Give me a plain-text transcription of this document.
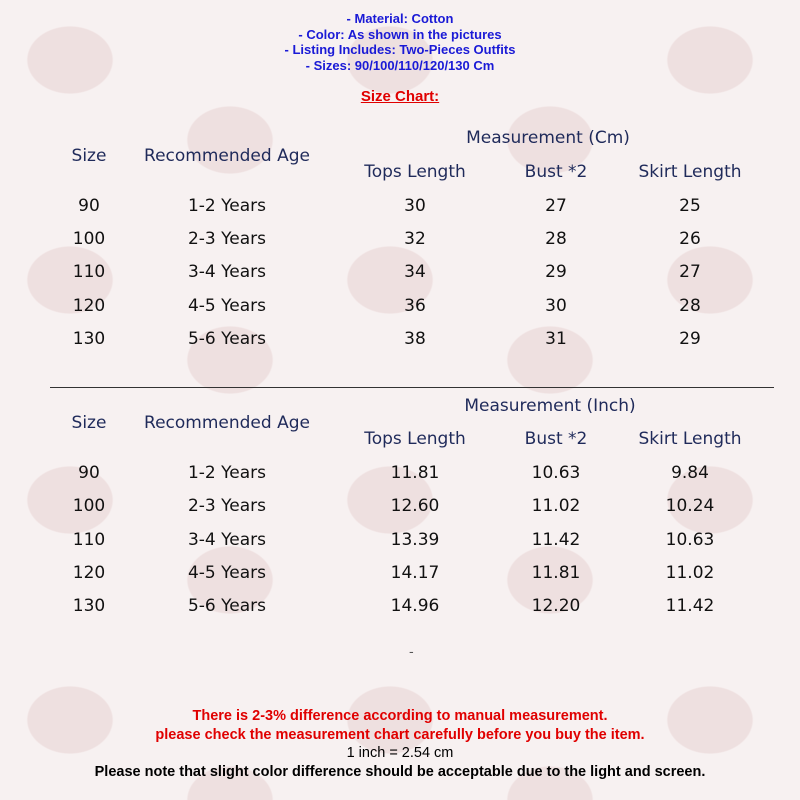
- Material: Cotton
- Color: As shown in the pictures
- Listing Includes: Two-Pieces Outfits
- Sizes: 90/100/110/120/130 Cm
Size Chart:
Measurement (Cm)
Size Recommended Age
Tops Length	Bust *2	Skirt Length
90	1-2 Years	30	27	25
100	2-3 Years	32	28	26
110	3-4 Years	34	29	27
120	4-5 Years	36	30	28
130	5-6 Years	38	31	29
Measurement (Inch)
Size Recommended Age
Tops Length	Bust *2	Skirt Length
90	1-2 Years	11.81	10.63	9.84
100	2-3 Years	12.60	11.02	10.24
110	3-4 Years	13.39	11.42	10.63
120	4-5 Years	14.17	11.81	11.02
130	5-6 Years	14.96	12.20	11.42
-
There is 2-3% difference according to manual measurement.
please check the measurement chart carefully before you buy the item.
1 inch = 2.54 cm
Please note that slight color difference should be acceptable due to the light and screen.
